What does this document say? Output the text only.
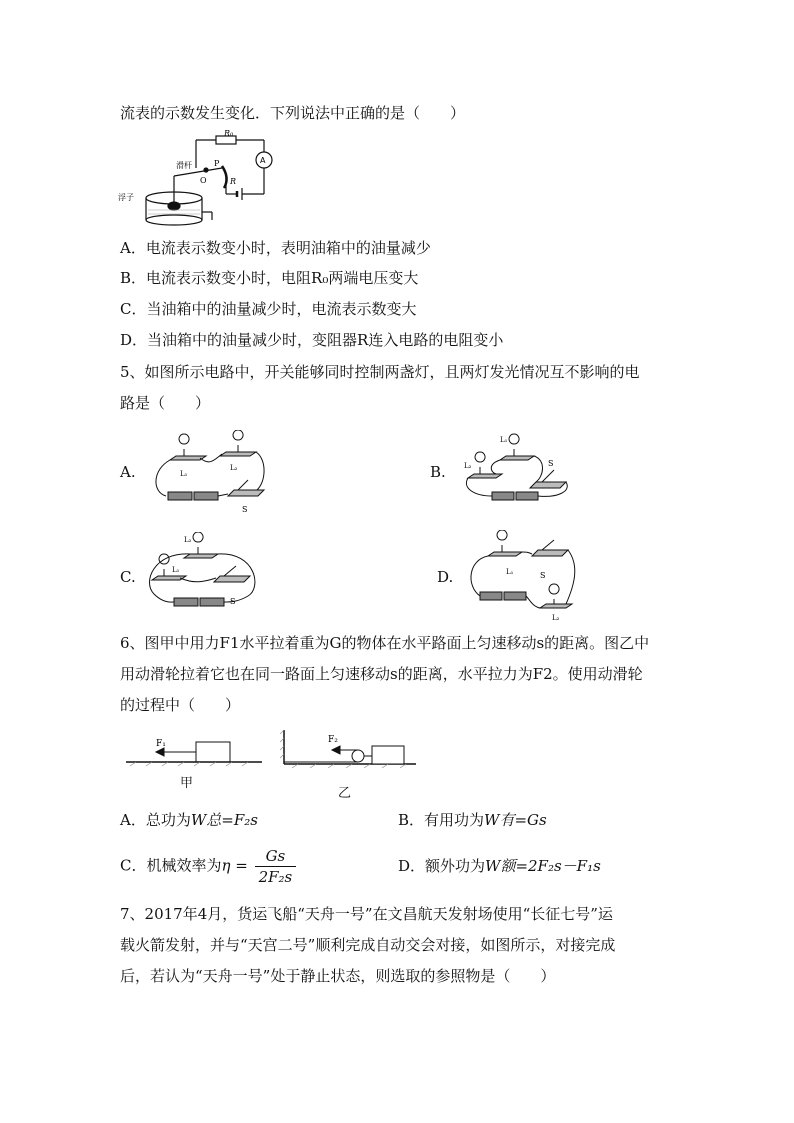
流表的示数发生变化．下列说法中正确的是（　　）
R₀
A
滑杆	P
O	R
浮子
A．电流表示数变小时，表明油箱中的油量减少
B．电流表示数变小时，电阻R₀两端电压变大
C．当油箱中的油量减少时，电流表示数变大
D．当油箱中的油量减少时，变阻器R连入电路的电阻变小
5、如图所示电路中，开关能够同时控制两盏灯，且两灯发光情况互不影响的电
路是（　　）
A.	B.
C.	D.
L₁
L₂
S
L₁
L₂	S
L₂
L₁
S
L₁	S
L₂
6、图甲中用力F1水平拉着重为G的物体在水平路面上匀速移动s的距离。图乙中
用动滑轮拉着它也在同一路面上匀速移动s的距离，水平拉力为F2。使用动滑轮
的过程中（　　）
F₁
甲
F₂
乙
A．总功为W总=F₂s	B．有用功为W有=Gs
C．机械效率为$\eta = \frac{Gs}{\text{2F₂s}}$	D．额外功为W额=2F₂s－F₁s
7、2017年4月，货运飞船“天舟一号”在文昌航天发射场使用“长征七号”运
载火箭发射，并与“天宫二号”顺利完成自动交会对接，如图所示，对接完成
后，若认为“天舟一号”处于静止状态，则选取的参照物是（　　）
